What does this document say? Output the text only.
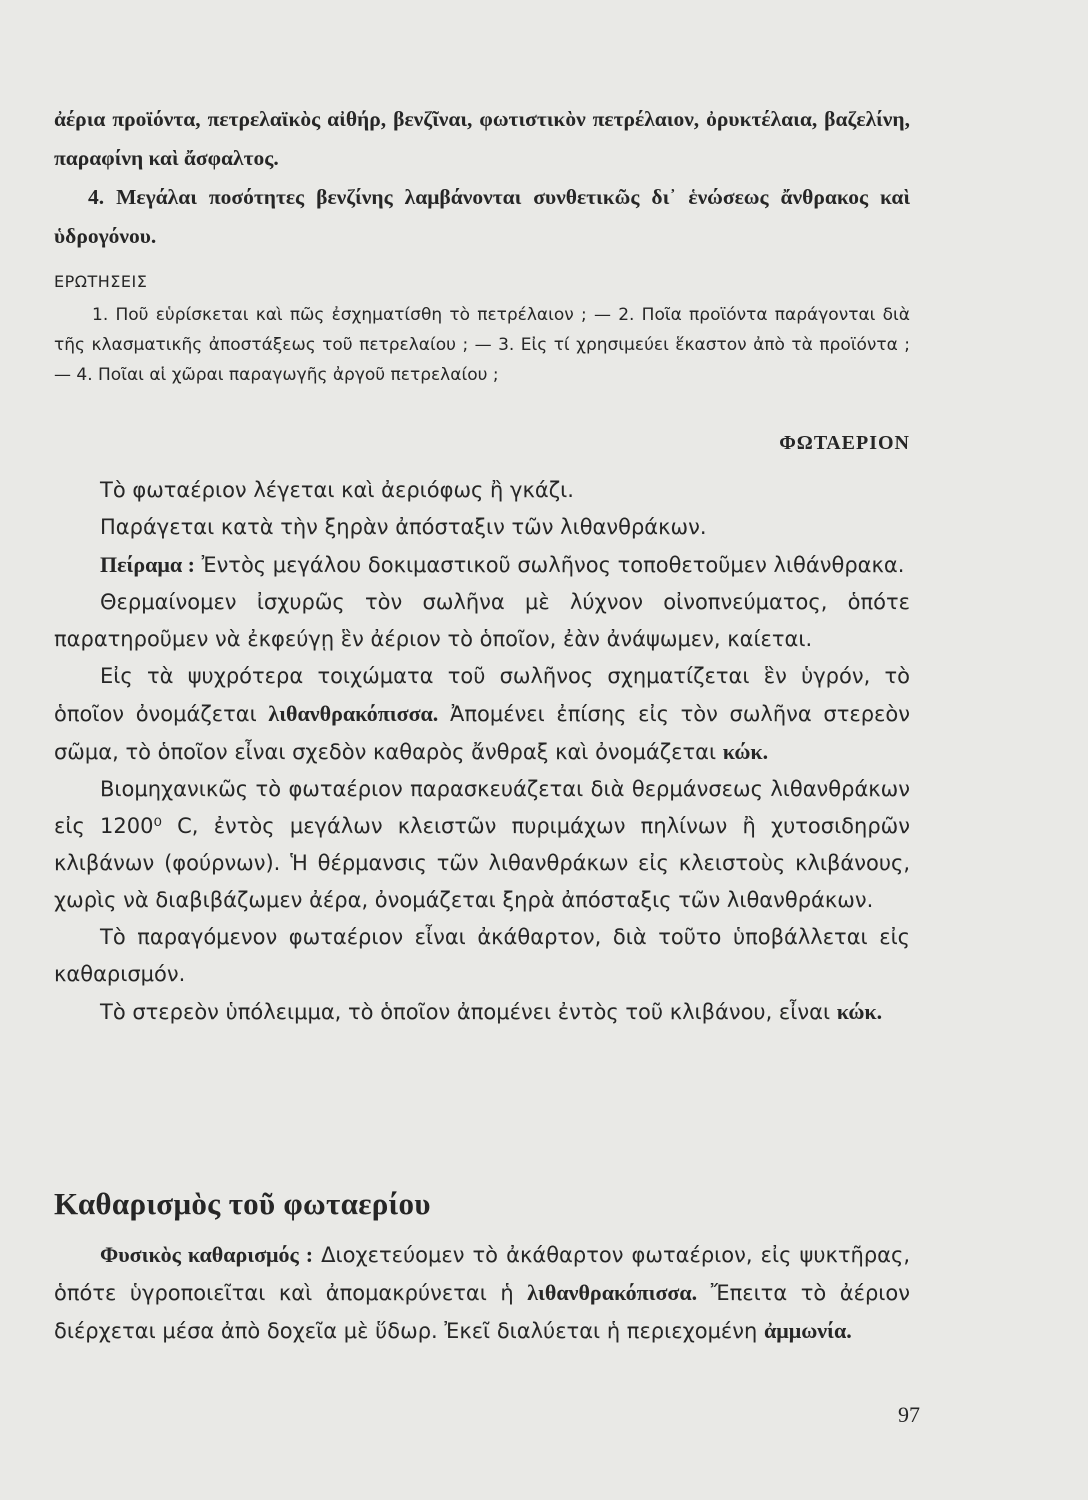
ἀέρια προϊόντα, πετρελαϊκὸς αἰθήρ, βενζῖναι, φωτιστικὸν πετρέλαιον, ὀρυκτέλαια, βαζελίνη, παραφίνη καὶ ἄσφαλτος.

4. Μεγάλαι ποσότητες βενζίνης λαμβάνονται συνθετικῶς δι᾽ ἑνώσεως ἄνθρακος καὶ ὑδρογόνου.

ΕΡΩΤΗΣΕΙΣ
1. Ποῦ εὑρίσκεται καὶ πῶς ἐσχηματίσθη τὸ πετρέλαιον ; — 2. Ποῖα προϊόντα παράγονται διὰ τῆς κλασματικῆς ἀποστάξεως τοῦ πετρελαίου ; — 3. Εἰς τί χρησιμεύει ἕκαστον ἀπὸ τὰ προϊόντα ; — 4. Ποῖαι αἱ χῶραι παραγωγῆς ἀργοῦ πετρελαίου ;
ΦΩΤΑΕΡΙΟΝ

Τὸ φωταέριον λέγεται καὶ ἀεριόφως ἢ γκάζι.

Παράγεται κατὰ τὴν ξηρὰν ἀπόσταξιν τῶν λιθανθράκων.

Πείραμα : Ἐντὸς μεγάλου δοκιμαστικοῦ σωλῆνος τοποθετοῦμεν λιθάνθρακα.

Θερμαίνομεν ἰσχυρῶς τὸν σωλῆνα μὲ λύχνον οἰνοπνεύματος, ὁπότε παρατηροῦμεν νὰ ἐκφεύγῃ ἓν ἀέριον τὸ ὁποῖον, ἐὰν ἀνάψωμεν, καίεται.

Εἰς τὰ ψυχρότερα τοιχώματα τοῦ σωλῆνος σχηματίζεται ἓν ὑγρόν, τὸ ὁποῖον ὀνομάζεται λιθανθρακόπισσα. Ἀπομένει ἐπίσης εἰς τὸν σωλῆνα στερεὸν σῶμα, τὸ ὁποῖον εἶναι σχεδὸν καθαρὸς ἄνθραξ καὶ ὀνομάζεται κώκ.

Βιομηχανικῶς τὸ φωταέριον παρασκευάζεται διὰ θερμάνσεως λιθανθράκων εἰς 1200⁰ C, ἐντὸς μεγάλων κλειστῶν πυριμάχων πηλίνων ἢ χυτοσιδηρῶν κλιβάνων (φούρνων). Ἡ θέρμανσις τῶν λιθανθράκων εἰς κλειστοὺς κλιβάνους, χωρὶς νὰ διαβιβάζωμεν ἀέρα, ὀνομάζεται ξηρὰ ἀπόσταξις τῶν λιθανθράκων.

Τὸ παραγόμενον φωταέριον εἶναι ἀκάθαρτον, διὰ τοῦτο ὑποβάλλεται εἰς καθαρισμόν.

Τὸ στερεὸν ὑπόλειμμα, τὸ ὁποῖον ἀπομένει ἐντὸς τοῦ κλιβάνου, εἶναι κώκ.

Καθαρισμὸς τοῦ φωταερίου

Φυσικὸς καθαρισμός : Διοχετεύομεν τὸ ἀκάθαρτον φωταέριον, εἰς ψυκτῆρας, ὁπότε ὑγροποιεῖται καὶ ἀπομακρύνεται ἡ λιθανθρακόπισσα. Ἔπειτα τὸ ἀέριον διέρχεται μέσα ἀπὸ δοχεῖα μὲ ὕδωρ. Ἐκεῖ διαλύεται ἡ περιεχομένη ἀμμωνία.

97
